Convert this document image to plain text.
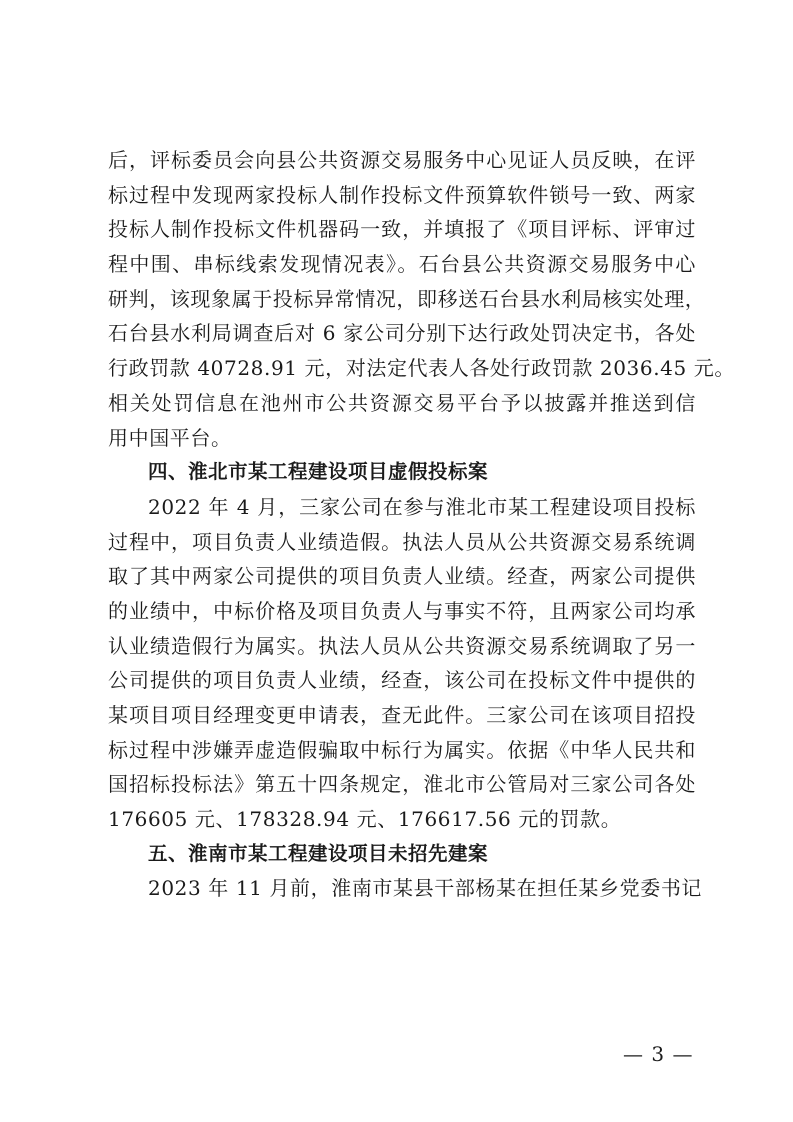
后，评标委员会向县公共资源交易服务中心见证人员反映，在评
标过程中发现两家投标人制作投标文件预算软件锁号一致、两家
投标人制作投标文件机器码一致，并填报了《项目评标、评审过
程中围、串标线索发现情况表》。石台县公共资源交易服务中心
研判，该现象属于投标异常情况，即移送石台县水利局核实处理，
石台县水利局调查后对 6 家公司分别下达行政处罚决定书，各处
行政罚款 40728.91 元，对法定代表人各处行政罚款 2036.45 元。
相关处罚信息在池州市公共资源交易平台予以披露并推送到信
用中国平台。
四、淮北市某工程建设项目虚假投标案
2022 年 4 月，三家公司在参与淮北市某工程建设项目投标
过程中，项目负责人业绩造假。执法人员从公共资源交易系统调
取了其中两家公司提供的项目负责人业绩。经查，两家公司提供
的业绩中，中标价格及项目负责人与事实不符，且两家公司均承
认业绩造假行为属实。执法人员从公共资源交易系统调取了另一
公司提供的项目负责人业绩，经查，该公司在投标文件中提供的
某项目项目经理变更申请表，查无此件。三家公司在该项目招投
标过程中涉嫌弄虚造假骗取中标行为属实。依据《中华人民共和
国招标投标法》第五十四条规定，淮北市公管局对三家公司各处
176605 元、178328.94 元、176617.56 元的罚款。
五、淮南市某工程建设项目未招先建案
2023 年 11 月前，淮南市某县干部杨某在担任某乡党委书记
— 3 —
